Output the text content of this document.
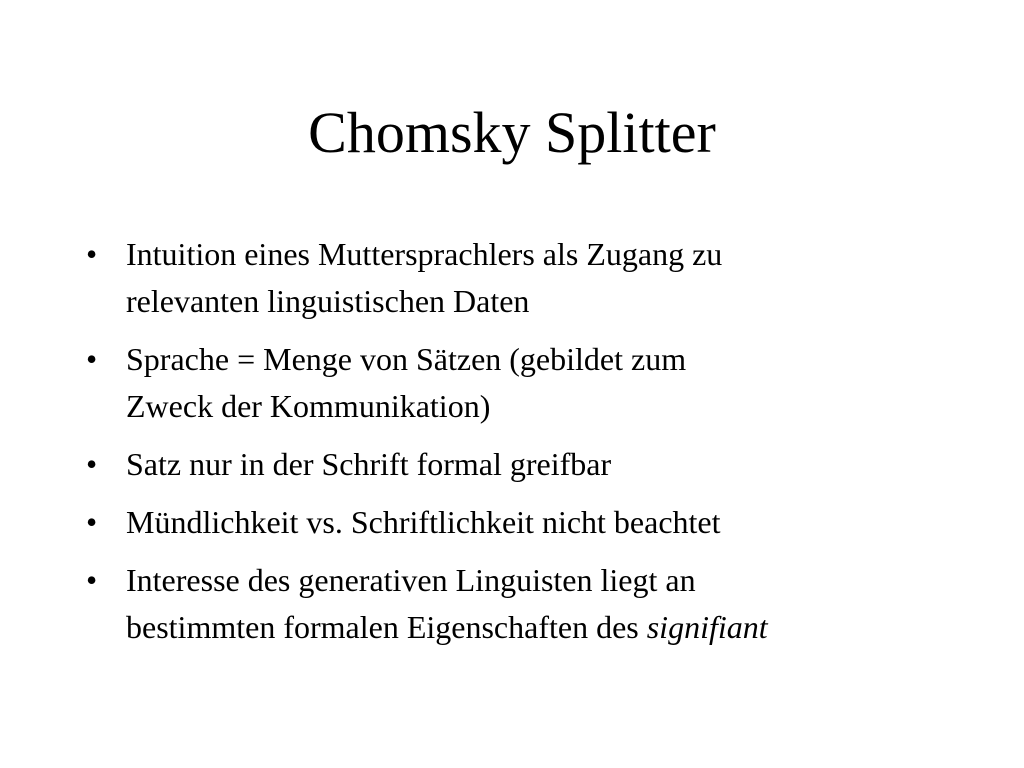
Chomsky Splitter
• Intuition eines Muttersprachlers als Zugang zu
relevanten linguistischen Daten
• Sprache = Menge von Sätzen (gebildet zum
Zweck der Kommunikation)
• Satz nur in der Schrift formal greifbar
• Mündlichkeit vs. Schriftlichkeit nicht beachtet
• Interesse des generativen Linguisten liegt an
bestimmten formalen Eigenschaften des signifiant
